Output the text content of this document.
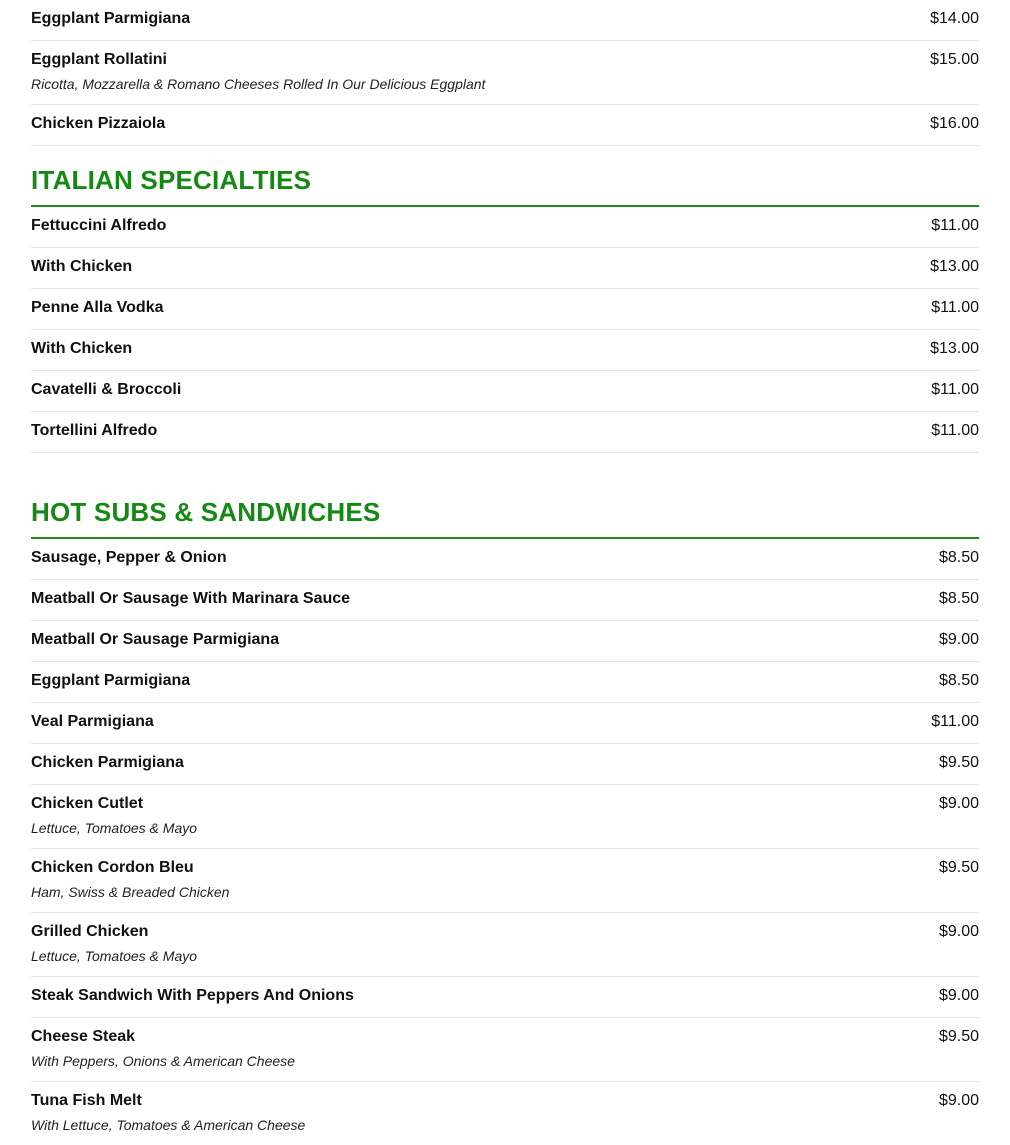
Eggplant Parmigiana	$14.00
Eggplant Rollatini	$15.00
Ricotta, Mozzarella & Romano Cheeses Rolled In Our Delicious Eggplant
Chicken Pizzaiola	$16.00
ITALIAN SPECIALTIES
Fettuccini Alfredo	$11.00
With Chicken	$13.00
Penne Alla Vodka	$11.00
With Chicken	$13.00
Cavatelli & Broccoli	$11.00
Tortellini Alfredo	$11.00
HOT SUBS & SANDWICHES
Sausage, Pepper & Onion	$8.50
Meatball Or Sausage With Marinara Sauce	$8.50
Meatball Or Sausage Parmigiana	$9.00
Eggplant Parmigiana	$8.50
Veal Parmigiana	$11.00
Chicken Parmigiana	$9.50
Chicken Cutlet	$9.00
Lettuce, Tomatoes & Mayo
Chicken Cordon Bleu	$9.50
Ham, Swiss & Breaded Chicken
Grilled Chicken	$9.00
Lettuce, Tomatoes & Mayo
Steak Sandwich With Peppers And Onions	$9.00
Cheese Steak	$9.50
With Peppers, Onions & American Cheese
Tuna Fish Melt	$9.00
With Lettuce, Tomatoes & American Cheese
